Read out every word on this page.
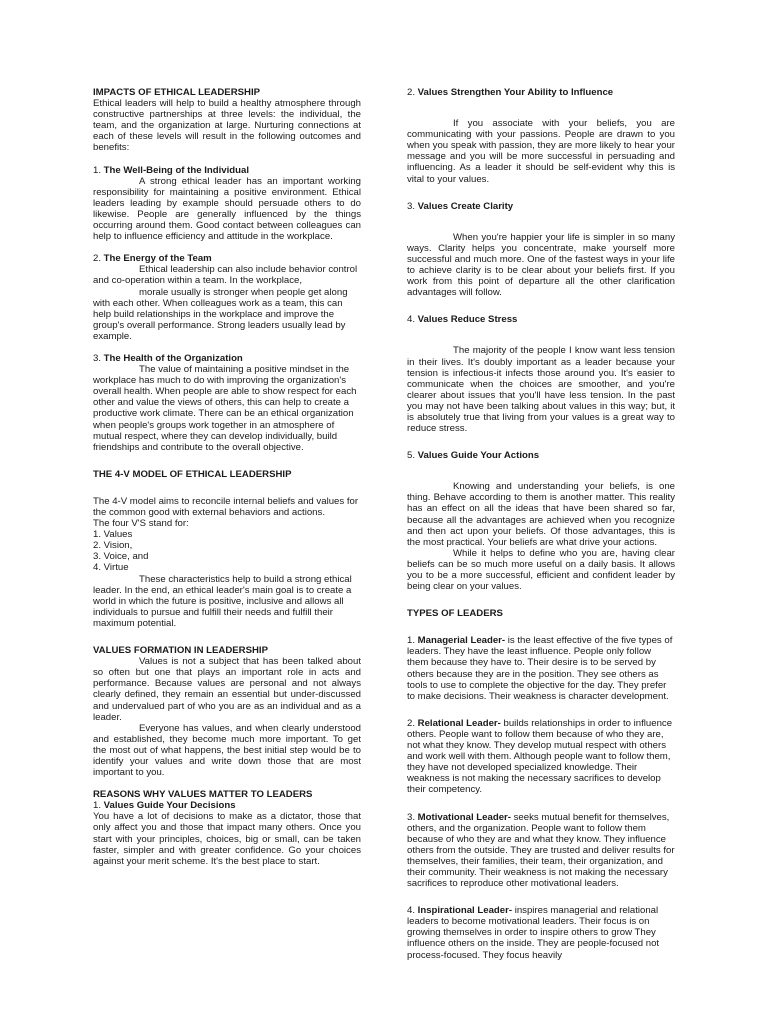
IMPACTS OF ETHICAL LEADERSHIP

Ethical leaders will help to build a healthy atmosphere through constructive partnerships at three levels: the individual, the team, and the organization at large. Nurturing connections at each of these levels will result in the following outcomes and benefits:

1. The Well-Being of the Individual

A strong ethical leader has an important working responsibility for maintaining a positive environment. Ethical leaders leading by example should persuade others to do likewise. People are generally influenced by the things occurring around them. Good contact between colleagues can help to influence efficiency and attitude in the workplace.

2. The Energy of the Team

Ethical leadership can also include behavior control and co-operation within a team. In the workplace,

morale usually is stronger when people get along with each other. When colleagues work as a team, this can help build relationships in the workplace and improve the group's overall performance. Strong leaders usually lead by example.

3. The Health of the Organization

The value of maintaining a positive mindset in the workplace has much to do with improving the organization's overall health. When people are able to show respect for each other and value the views of others, this can help to create a productive work climate. There can be an ethical organization when people's groups work together in an atmosphere of mutual respect, where they can develop individually, build friendships and contribute to the overall objective.

THE 4-V MODEL OF ETHICAL LEADERSHIP

The 4-V model aims to reconcile internal beliefs and values for the common good with external behaviors and actions.

The four V'S stand for:

1. Values
2. Vision,
3. Voice, and
4. Virtue

These characteristics help to build a strong ethical leader. In the end, an ethical leader's main goal is to create a world in which the future is positive, inclusive and allows all individuals to pursue and fulfill their needs and fulfill their maximum potential.

VALUES FORMATION IN LEADERSHIP

Values is not a subject that has been talked about so often but one that plays an important role in acts and performance. Because values are personal and not always clearly defined, they remain an essential but under-discussed and undervalued part of who you are as an individual and as a leader.

Everyone has values, and when clearly understood and established, they become much more important. To get the most out of what happens, the best initial step would be to identify your values and write down those that are most important to you.

REASONS WHY VALUES MATTER TO LEADERS

1. Values Guide Your Decisions

You have a lot of decisions to make as a dictator, those that only affect you and those that impact many others. Once you start with your principles, choices, big or small, can be taken faster, simpler and with greater confidence. Go your choices against your merit scheme. It's the best place to start.

2. Values Strengthen Your Ability to Influence

If you associate with your beliefs, you are communicating with your passions. People are drawn to you when you speak with passion, they are more likely to hear your message and you will be more successful in persuading and influencing. As a leader it should be self-evident why this is vital to your values.

3. Values Create Clarity

When you're happier your life is simpler in so many ways. Clarity helps you concentrate, make yourself more successful and much more. One of the fastest ways in your life to achieve clarity is to be clear about your beliefs first. If you work from this point of departure all the other clarification advantages will follow.

4. Values Reduce Stress

The majority of the people I know want less tension in their lives. It's doubly important as a leader because your tension is infectious-it infects those around you. It's easier to communicate when the choices are smoother, and you're clearer about issues that you'll have less tension. In the past you may not have been talking about values in this way; but, it is absolutely true that living from your values is a great way to reduce stress.

5. Values Guide Your Actions

Knowing and understanding your beliefs, is one thing. Behave according to them is another matter. This reality has an effect on all the ideas that have been shared so far, because all the advantages are achieved when you recognize and then act upon your beliefs. Of those advantages, this is the most practical. Your beliefs are what drive your actions.

While it helps to define who you are, having clear beliefs can be so much more useful on a daily basis. It allows you to be a more successful, efficient and confident leader by being clear on your values.

TYPES OF LEADERS

1. Managerial Leader- is the least effective of the five types of leaders. They have the least influence. People only follow them because they have to. Their desire is to be served by others because they are in the position. They see others as tools to use to complete the objective for the day. They prefer to make decisions. Their weakness is character development.

2. Relational Leader- builds relationships in order to influence others. People want to follow them because of who they are, not what they know. They develop mutual respect with others and work well with them. Although people want to follow them, they have not developed specialized knowledge. Their weakness is not making the necessary sacrifices to develop their competency.

3. Motivational Leader- seeks mutual benefit for themselves, others, and the organization. People want to follow them because of who they are and what they know. They influence others from the outside. They are trusted and deliver results for themselves, their families, their team, their organization, and their community. Their weakness is not making the necessary sacrifices to reproduce other motivational leaders.

4. Inspirational Leader- inspires managerial and relational leaders to become motivational leaders. Their focus is on growing themselves in order to inspire others to grow They influence others on the inside. They are people-focused not process-focused. They focus heavily
